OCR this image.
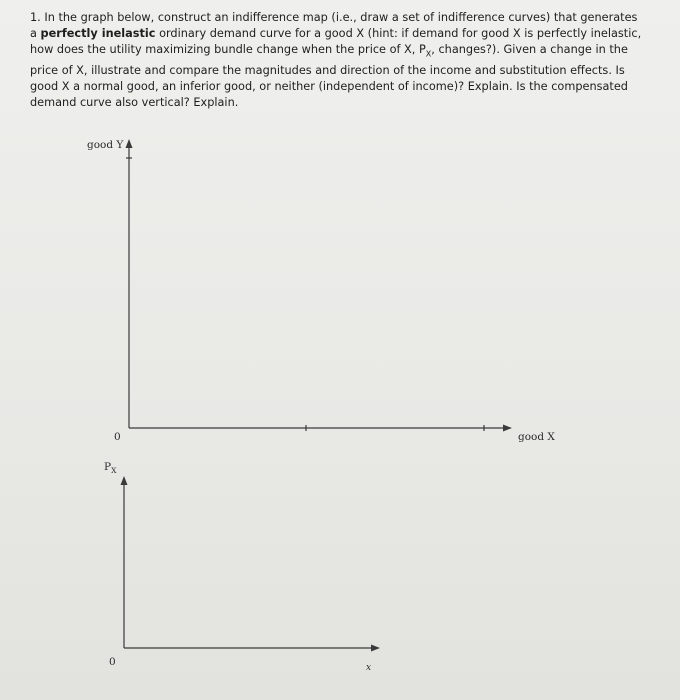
1. In the graph below, construct an indifference map (i.e., draw a set of indifference curves) that generates a perfectly inelastic ordinary demand curve for a good X (hint: if demand for good X is perfectly inelastic, how does the utility maximizing bundle change when the price of X, $P_X$, changes?). Given a change in the price of X, illustrate and compare the magnitudes and direction of the income and substitution effects. Is good X a normal good, an inferior good, or neither (independent of income)? Explain. Is the compensated demand curve also vertical? Explain.

good Y
0	good X
$P_X$
0	x
